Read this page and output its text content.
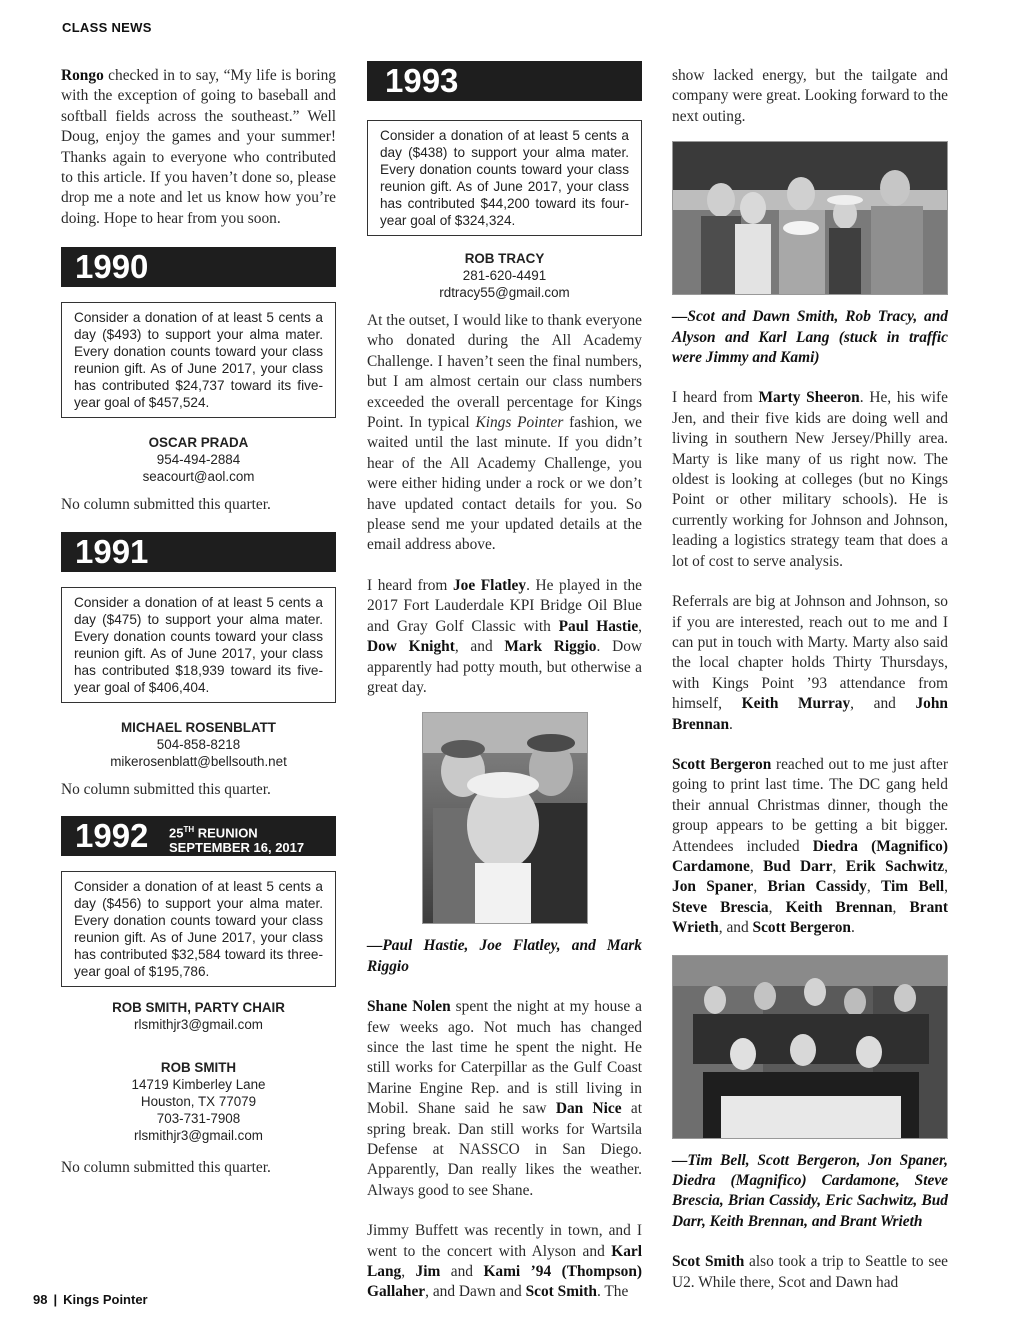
CLASS NEWS

Rongo checked in to say, “My life is boring with the exception of going to baseball and softball fields across the southeast.” Well Doug, enjoy the games and your summer! Thanks again to everyone who contributed to this article. If you haven’t done so, please drop me a note and let us know how you’re doing. Hope to hear from you soon.

1990
Consider a donation of at least 5 cents a day ($493) to support your alma mater. Every donation counts toward your class reunion gift. As of June 2017, your class has contributed $24,737 toward its five-year goal of $457,524.
OSCAR PRADA
954-494-2884
seacourt@aol.com

No column submitted this quarter.

1991
Consider a donation of at least 5 cents a day ($475) to support your alma mater. Every donation counts toward your class reunion gift. As of June 2017, your class has contributed $18,939 toward its five-year goal of $406,404.
MICHAEL ROSENBLATT
504-858-8218
mikerosenblatt@bellsouth.net

No column submitted this quarter.

1992 25TH REUNION
SEPTEMBER 16, 2017
Consider a donation of at least 5 cents a day ($456) to support your alma mater. Every donation counts toward your class reunion gift. As of June 2017, your class has contributed $32,584 toward its three-year goal of $195,786.
ROB SMITH, PARTY CHAIR
rlsmithjr3@gmail.com
ROB SMITH
14719 Kimberley Lane
Houston, TX 77079
703-731-7908
rlsmithjr3@gmail.com

No column submitted this quarter.

1993
Consider a donation of at least 5 cents a day ($438) to support your alma mater. Every donation counts toward your class reunion gift. As of June 2017, your class has contributed $44,200 toward its four-year goal of $324,324.
ROB TRACY
281-620-4491
rdtracy55@gmail.com

At the outset, I would like to thank everyone who donated during the All Academy Challenge. I haven’t seen the final numbers, but I am almost certain our class numbers exceeded the overall percentage for Kings Point. In typical Kings Pointer fashion, we waited until the last minute. If you didn’t hear of the All Academy Challenge, you were either hiding under a rock or we don’t have updated contact details for you. So please send me your updated details at the email address above.

I heard from Joe Flatley. He played in the 2017 Fort Lauderdale KPI Bridge Oil Blue and Gray Golf Classic with Paul Hastie, Dow Knight, and Mark Riggio. Dow apparently had potty mouth, but otherwise a great day.

—Paul Hastie, Joe Flatley, and Mark Riggio

Shane Nolen spent the night at my house a few weeks ago. Not much has changed since the last time he spent the night. He still works for Caterpillar as the Gulf Coast Marine Engine Rep. and is still living in Mobil. Shane said he saw Dan Nice at spring break. Dan still works for Wartsila Defense at NASSCO in San Diego. Apparently, Dan really likes the weather. Always good to see Shane.

Jimmy Buffett was recently in town, and I went to the concert with Alyson and Karl Lang, Jim and Kami ’94 (Thompson) Gallaher, and Dawn and Scot Smith. The

show lacked energy, but the tailgate and company were great. Looking forward to the next outing.

—Scot and Dawn Smith, Rob Tracy, and Alyson and Karl Lang (stuck in traffic were Jimmy and Kami)

I heard from Marty Sheeron. He, his wife Jen, and their five kids are doing well and living in southern New Jersey/Philly area. Marty is like many of us right now. The oldest is looking at colleges (but no Kings Point or other military schools). He is currently working for Johnson and Johnson, leading a logistics strategy team that does a lot of cost to serve analysis.

Referrals are big at Johnson and Johnson, so if you are interested, reach out to me and I can put in touch with Marty. Marty also said the local chapter holds Thirty Thursdays, with Kings Point ’93 attendance from himself, Keith Murray, and John Brennan.

Scott Bergeron reached out to me just after going to print last time. The DC gang held their annual Christmas dinner, though the group appears to be getting a bit bigger. Attendees included Diedra (Magnifico) Cardamone, Bud Darr, Erik Sachwitz, Jon Spaner, Brian Cassidy, Tim Bell, Steve Brescia, Keith Brennan, Brant Wrieth, and Scott Bergeron.

—Tim Bell, Scott Bergeron, Jon Spaner, Diedra (Magnifico) Cardamone, Steve Brescia, Brian Cassidy, Eric Sachwitz, Bud Darr, Keith Brennan, and Brant Wrieth

Scot Smith also took a trip to Seattle to see U2. While there, Scot and Dawn had

98 | Kings Pointer
